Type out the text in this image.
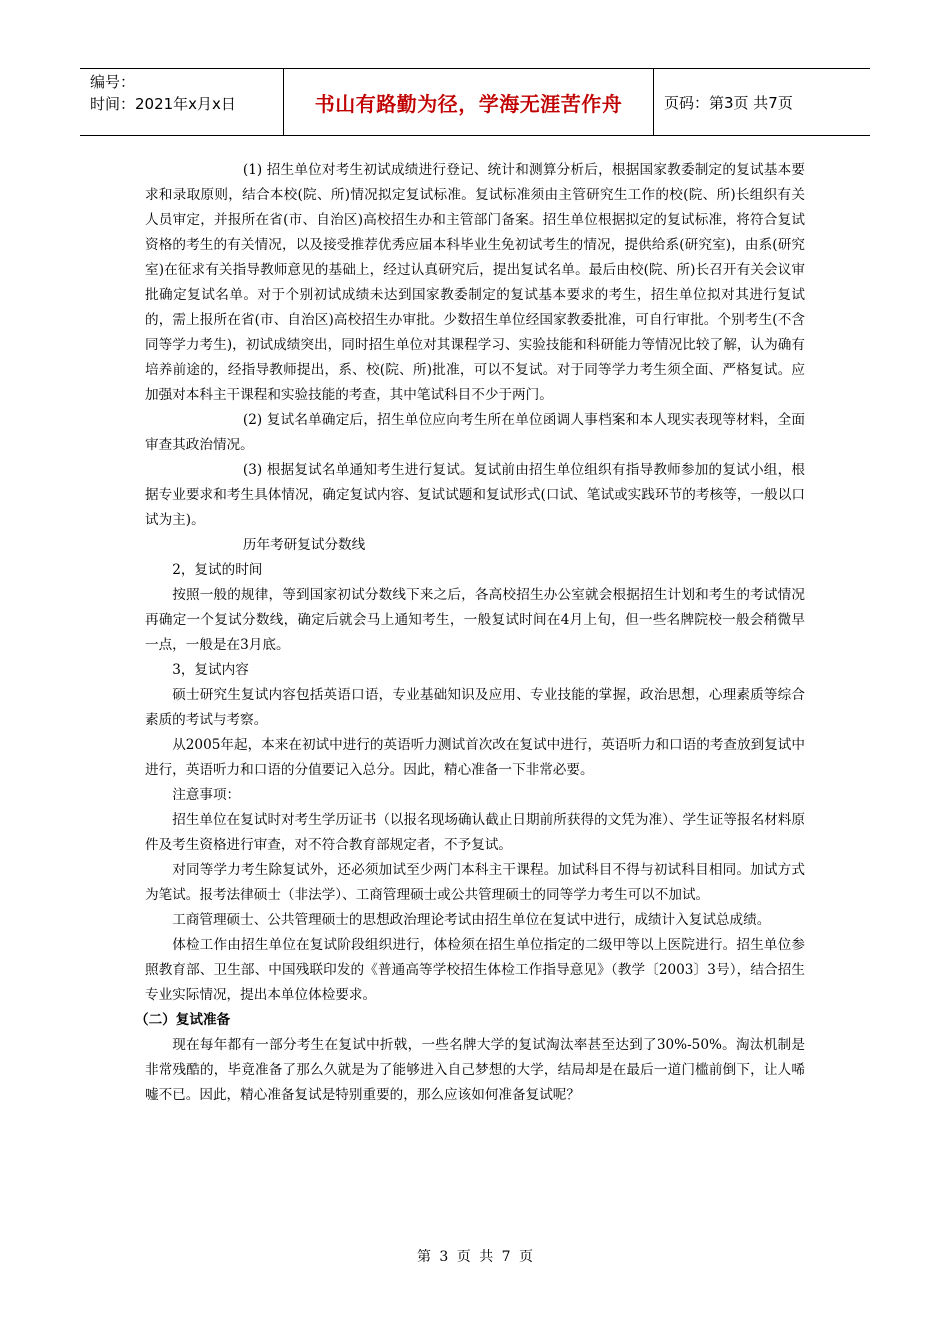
编号：
时间：2021年x月x日	书山有路勤为径，学海无涯苦作舟	页码：第3页 共7页

(1) 招生单位对考生初试成绩进行登记、统计和测算分析后，根据国家教委制定的复试基本要求和录取原则，结合本校(院、所)情况拟定复试标准。复试标准须由主管研究生工作的校(院、所)长组织有关人员审定，并报所在省(市、自治区)高校招生办和主管部门备案。招生单位根据拟定的复试标准，将符合复试资格的考生的有关情况，以及接受推荐优秀应届本科毕业生免初试考生的情况，提供给系(研究室)，由系(研究室)在征求有关指导教师意见的基础上，经过认真研究后，提出复试名单。最后由校(院、所)长召开有关会议审批确定复试名单。对于个别初试成绩未达到国家教委制定的复试基本要求的考生，招生单位拟对其进行复试的，需上报所在省(市、自治区)高校招生办审批。少数招生单位经国家教委批准，可自行审批。个别考生(不含同等学力考生)，初试成绩突出，同时招生单位对其课程学习、实验技能和科研能力等情况比较了解，认为确有培养前途的，经指导教师提出，系、校(院、所)批准，可以不复试。对于同等学力考生须全面、严格复试。应加强对本科主干课程和实验技能的考查，其中笔试科目不少于两门。

(2) 复试名单确定后，招生单位应向考生所在单位函调人事档案和本人现实表现等材料，全面审查其政治情况。

(3) 根据复试名单通知考生进行复试。复试前由招生单位组织有指导教师参加的复试小组，根据专业要求和考生具体情况，确定复试内容、复试试题和复试形式(口试、笔试或实践环节的考核等，一般以口试为主)。

历年考研复试分数线

2，复试的时间

按照一般的规律，等到国家初试分数线下来之后，各高校招生办公室就会根据招生计划和考生的考试情况再确定一个复试分数线，确定后就会马上通知考生，一般复试时间在4月上旬，但一些名牌院校一般会稍微早一点，一般是在3月底。

3，复试内容

硕士研究生复试内容包括英语口语，专业基础知识及应用、专业技能的掌握，政治思想，心理素质等综合素质的考试与考察。

从2005年起，本来在初试中进行的英语听力测试首次改在复试中进行，英语听力和口语的考查放到复试中进行，英语听力和口语的分值要记入总分。因此，精心准备一下非常必要。

注意事项：

招生单位在复试时对考生学历证书（以报名现场确认截止日期前所获得的文凭为准）、学生证等报名材料原件及考生资格进行审查，对不符合教育部规定者，不予复试。

对同等学力考生除复试外，还必须加试至少两门本科主干课程。加试科目不得与初试科目相同。加试方式为笔试。报考法律硕士（非法学）、工商管理硕士或公共管理硕士的同等学力考生可以不加试。

工商管理硕士、公共管理硕士的思想政治理论考试由招生单位在复试中进行，成绩计入复试总成绩。

体检工作由招生单位在复试阶段组织进行，体检须在招生单位指定的二级甲等以上医院进行。招生单位参照教育部、卫生部、中国残联印发的《普通高等学校招生体检工作指导意见》（教学〔2003〕3号），结合招生专业实际情况，提出本单位体检要求。

（二）复试准备

现在每年都有一部分考生在复试中折戟，一些名牌大学的复试淘汰率甚至达到了30%-50%。淘汰机制是非常残酷的，毕竟准备了那么久就是为了能够进入自己梦想的大学，结局却是在最后一道门槛前倒下，让人唏嘘不已。因此，精心准备复试是特别重要的，那么应该如何准备复试呢？

第 3 页 共 7 页
